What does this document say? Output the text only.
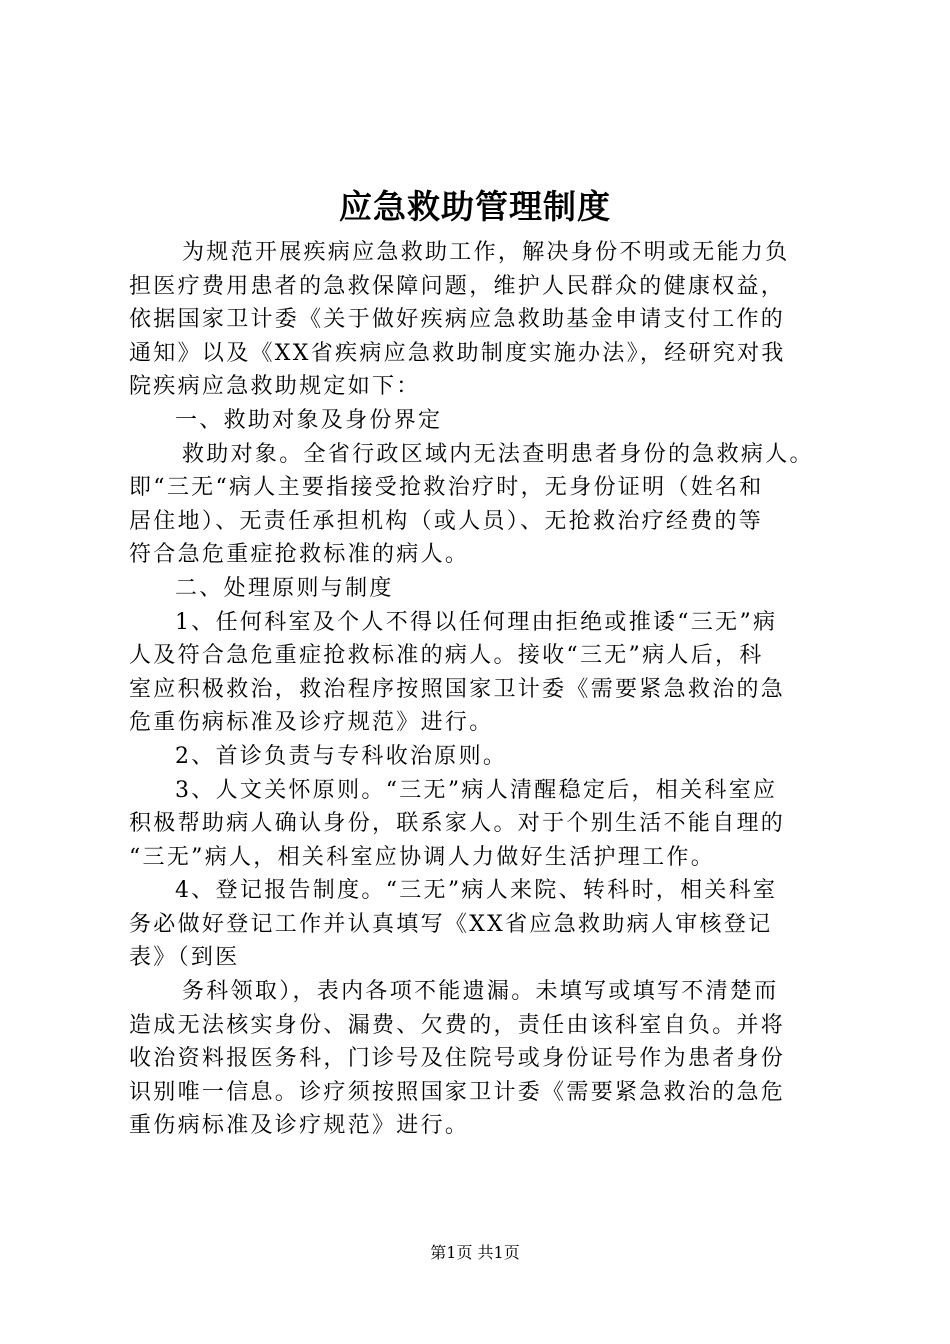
应急救助管理制度
为规范开展疾病应急救助工作，解决身份不明或无能力负
担医疗费用患者的急救保障问题，维护人民群众的健康权益，
依据国家卫计委《关于做好疾病应急救助基金申请支付工作的
通知》以及《XX省疾病应急救助制度实施办法》，经研究对我
院疾病应急救助规定如下：
一、救助对象及身份界定
救助对象。全省行政区域内无法查明患者身份的急救病人。
即“三无“病人主要指接受抢救治疗时，无身份证明（姓名和
居住地）、无责任承担机构（或人员）、无抢救治疗经费的等
符合急危重症抢救标准的病人。
二、处理原则与制度
1、任何科室及个人不得以任何理由拒绝或推诿“三无”病
人及符合急危重症抢救标准的病人。接收“三无”病人后，科
室应积极救治，救治程序按照国家卫计委《需要紧急救治的急
危重伤病标准及诊疗规范》进行。
2、首诊负责与专科收治原则。
3、人文关怀原则。“三无”病人清醒稳定后，相关科室应
积极帮助病人确认身份，联系家人。对于个别生活不能自理的
“三无”病人，相关科室应协调人力做好生活护理工作。
4、登记报告制度。“三无”病人来院、转科时，相关科室
务必做好登记工作并认真填写《XX省应急救助病人审核登记
表》（到医
务科领取），表内各项不能遗漏。未填写或填写不清楚而
造成无法核实身份、漏费、欠费的，责任由该科室自负。并将
收治资料报医务科，门诊号及住院号或身份证号作为患者身份
识别唯一信息。诊疗须按照国家卫计委《需要紧急救治的急危
重伤病标准及诊疗规范》进行。
第1页 共1页
